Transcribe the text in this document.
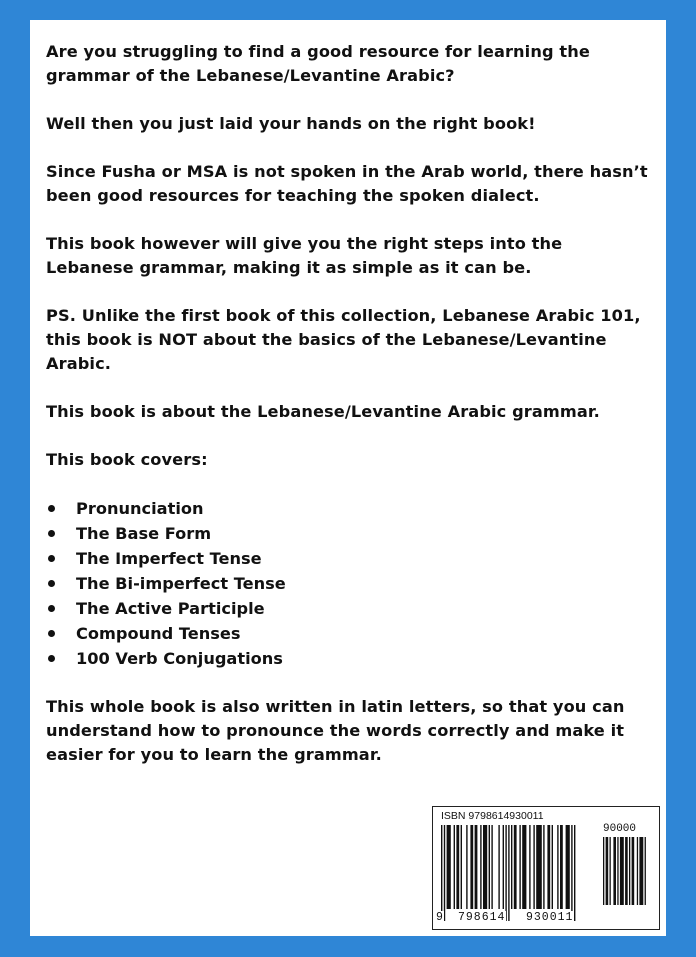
Are you struggling to find a good resource for learning the grammar of the Lebanese/Levantine Arabic?

Well then you just laid your hands on the right book!

Since Fusha or MSA is not spoken in the Arab world, there hasn’t been good resources for teaching the spoken dialect.

This book however will give you the right steps into the Lebanese grammar, making it as simple as it can be.

PS. Unlike the first book of this collection, Lebanese Arabic 101, this book is NOT about the basics of the Lebanese/Levantine Arabic.

This book is about the Lebanese/Levantine Arabic grammar.

This book covers:

Pronunciation
The Base Form
The Imperfect Tense
The Bi-imperfect Tense
The Active Participle
Compound Tenses
100 Verb Conjugations

This whole book is also written in latin letters, so that you can understand how to pronounce the words correctly and make it easier for you to learn the grammar.

ISBN 9798614930011
90000
9 798614 930011
